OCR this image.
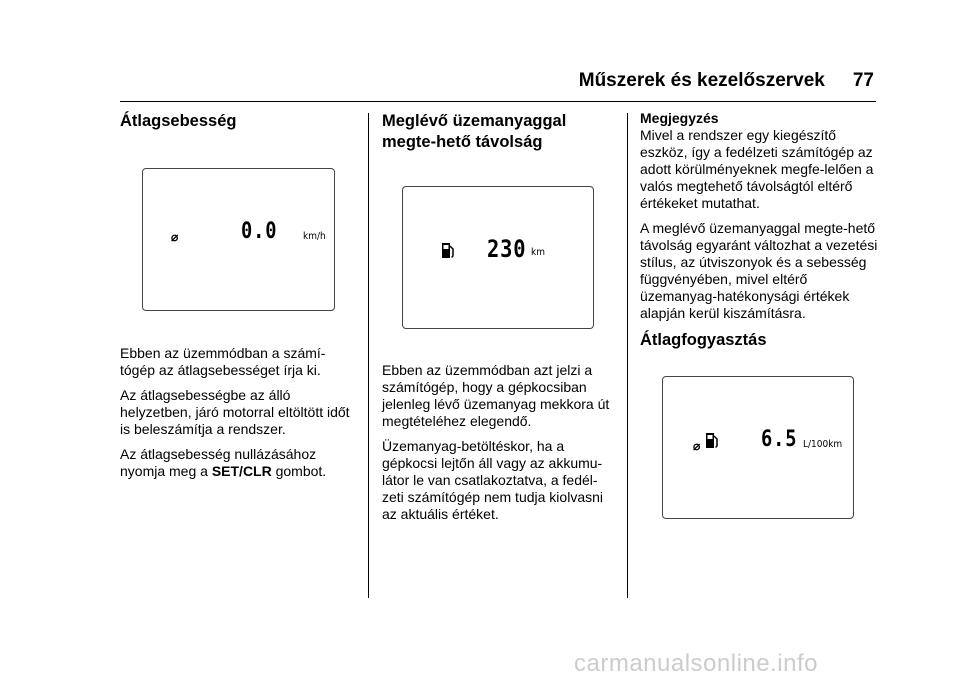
Műszerek és kezelőszervek 77
Átlagsebesség
⌀	0.0	km/h

Ebben az üzemmódban a számí-tógép az átlagsebességet írja ki.

Az átlagsebességbe az álló helyzetben, járó motorral eltöltött időt is beleszámítja a rendszer.

Az átlagsebesség nullázásához nyomja meg a SET/CLR gombot.

Meglévő üzemanyaggal megte-hető távolság
230 km

Ebben az üzemmódban azt jelzi a számítógép, hogy a gépkocsiban jelenleg lévő üzemanyag mekkora út megtételéhez elegendő.

Üzemanyag-betöltéskor, ha a gépkocsi lejtőn áll vagy az akkumu-látor le van csatlakoztatva, a fedél-zeti számítógép nem tudja kiolvasni az aktuális értéket.

Megjegyzés

Mivel a rendszer egy kiegészítő eszköz, így a fedélzeti számítógép az adott körülményeknek megfe-lelően a valós megtehető távolságtól eltérő értékeket mutathat.

A meglévő üzemanyaggal megte-hető távolság egyaránt változhat a vezetési stílus, az útviszonyok és a sebesség függvényében, mivel eltérő üzemanyag-hatékonysági értékek alapján kerül kiszámításra.

Átlagfogyasztás
⌀	6.5 L/100km
carmanualsonline.info
